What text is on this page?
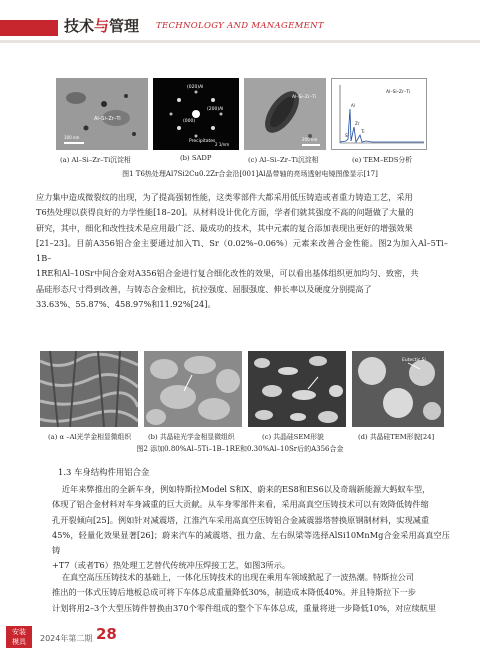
技术与管理 TECHNOLOGY AND MANAGEMENT
Al–Si–Zr–Ti
100 nm
(020)Al
(200)Al
(000)
Precipitates
2 1/nm
Al–Si–Zr–Ti
200 nm
Al–Si–Zr–Ti
Al
Zr
Ti
Si
(a) Al–Si–Zr–Ti沉淀相	(b) SADP	(c) Al–Si–Zr–Ti沉淀相	(e) TEM–EDS分析
图1 T6热处理Al7Si2Cu0.2Zr合金沿[001]Al晶带轴的亮场透射电镜图像显示[17]
应力集中造成微裂纹的出现，为了提高强韧性能，这类零部件大都采用低压铸造或者重力铸造工艺，采用
T6热处理以获得良好的力学性能[18–20]。从材料设计优化方面，学者们就其强度不高的问题做了大量的
研究，其中，细化和改性技术是应用最广泛、最成功的技术，其中元素的复合添加表现出更好的增强效果
[21–23]。目前A356铝合金主要通过加入Ti、Sr（0.02%–0.06%）元素来改善合金性能。图2为加入Al–5Ti–1B–
1RE和Al–10Sr中间合金对A356铝合金进行复合细化改性的效果，可以看出基体组织更加均匀、致密，共
晶硅形态尺寸得到改善，与铸态合金相比，抗拉强度、屈服强度、伸长率以及硬度分别提高了
33.63%、55.87%、458.97%和11.92%[24]。
Eutectic Si
(a) α –Al光学金相显微组织 (b) 共晶硅光学金相显微组织	(c) 共晶硅SEM形貌	(d) 共晶硅TEM形貌[24]
图2 添加0.80%Al–5Ti–1B–1RE和0.30%Al–10Sr后的A356合金
1.3 车身结构件用铝合金
近年来弊推出的全新车身，例如特斯拉Model S和X、蔚来的ES8和ES6以及奇瑞新能源大蚂蚁车型，
体现了铝合金材料对车身减重的巨大贡献。从车身零部件来看，采用高真空压铸技术可以有效降低铸件缩
孔开裂倾向[25]。例如针对减震塔，江淮汽车采用高真空压铸铝合金减震器塔替换原钢制材料，实现减重
45%，轻量化效果显著[26]；蔚来汽车的减震塔、扭力盒、左右纵梁等选择AlSi10MnMg合金采用高真空压铸
+T7（或者T6）热处理工艺替代传统冲压焊接工艺，如图3所示。
在真空高压压铸技术的基础上，一体化压铸技术的出现在乘用车领域掀起了一波热潮。特斯拉公司
推出的一体式压铸后地板总成可将下车体总成重量降低30%，制造成本降低40%。并且特斯拉下一步
计划将用2–3个大型压铸件替换由370个零件组成的整个下车体总成，重量将进一步降低10%，对应续航里
安装
模具	2024年第二期 28
